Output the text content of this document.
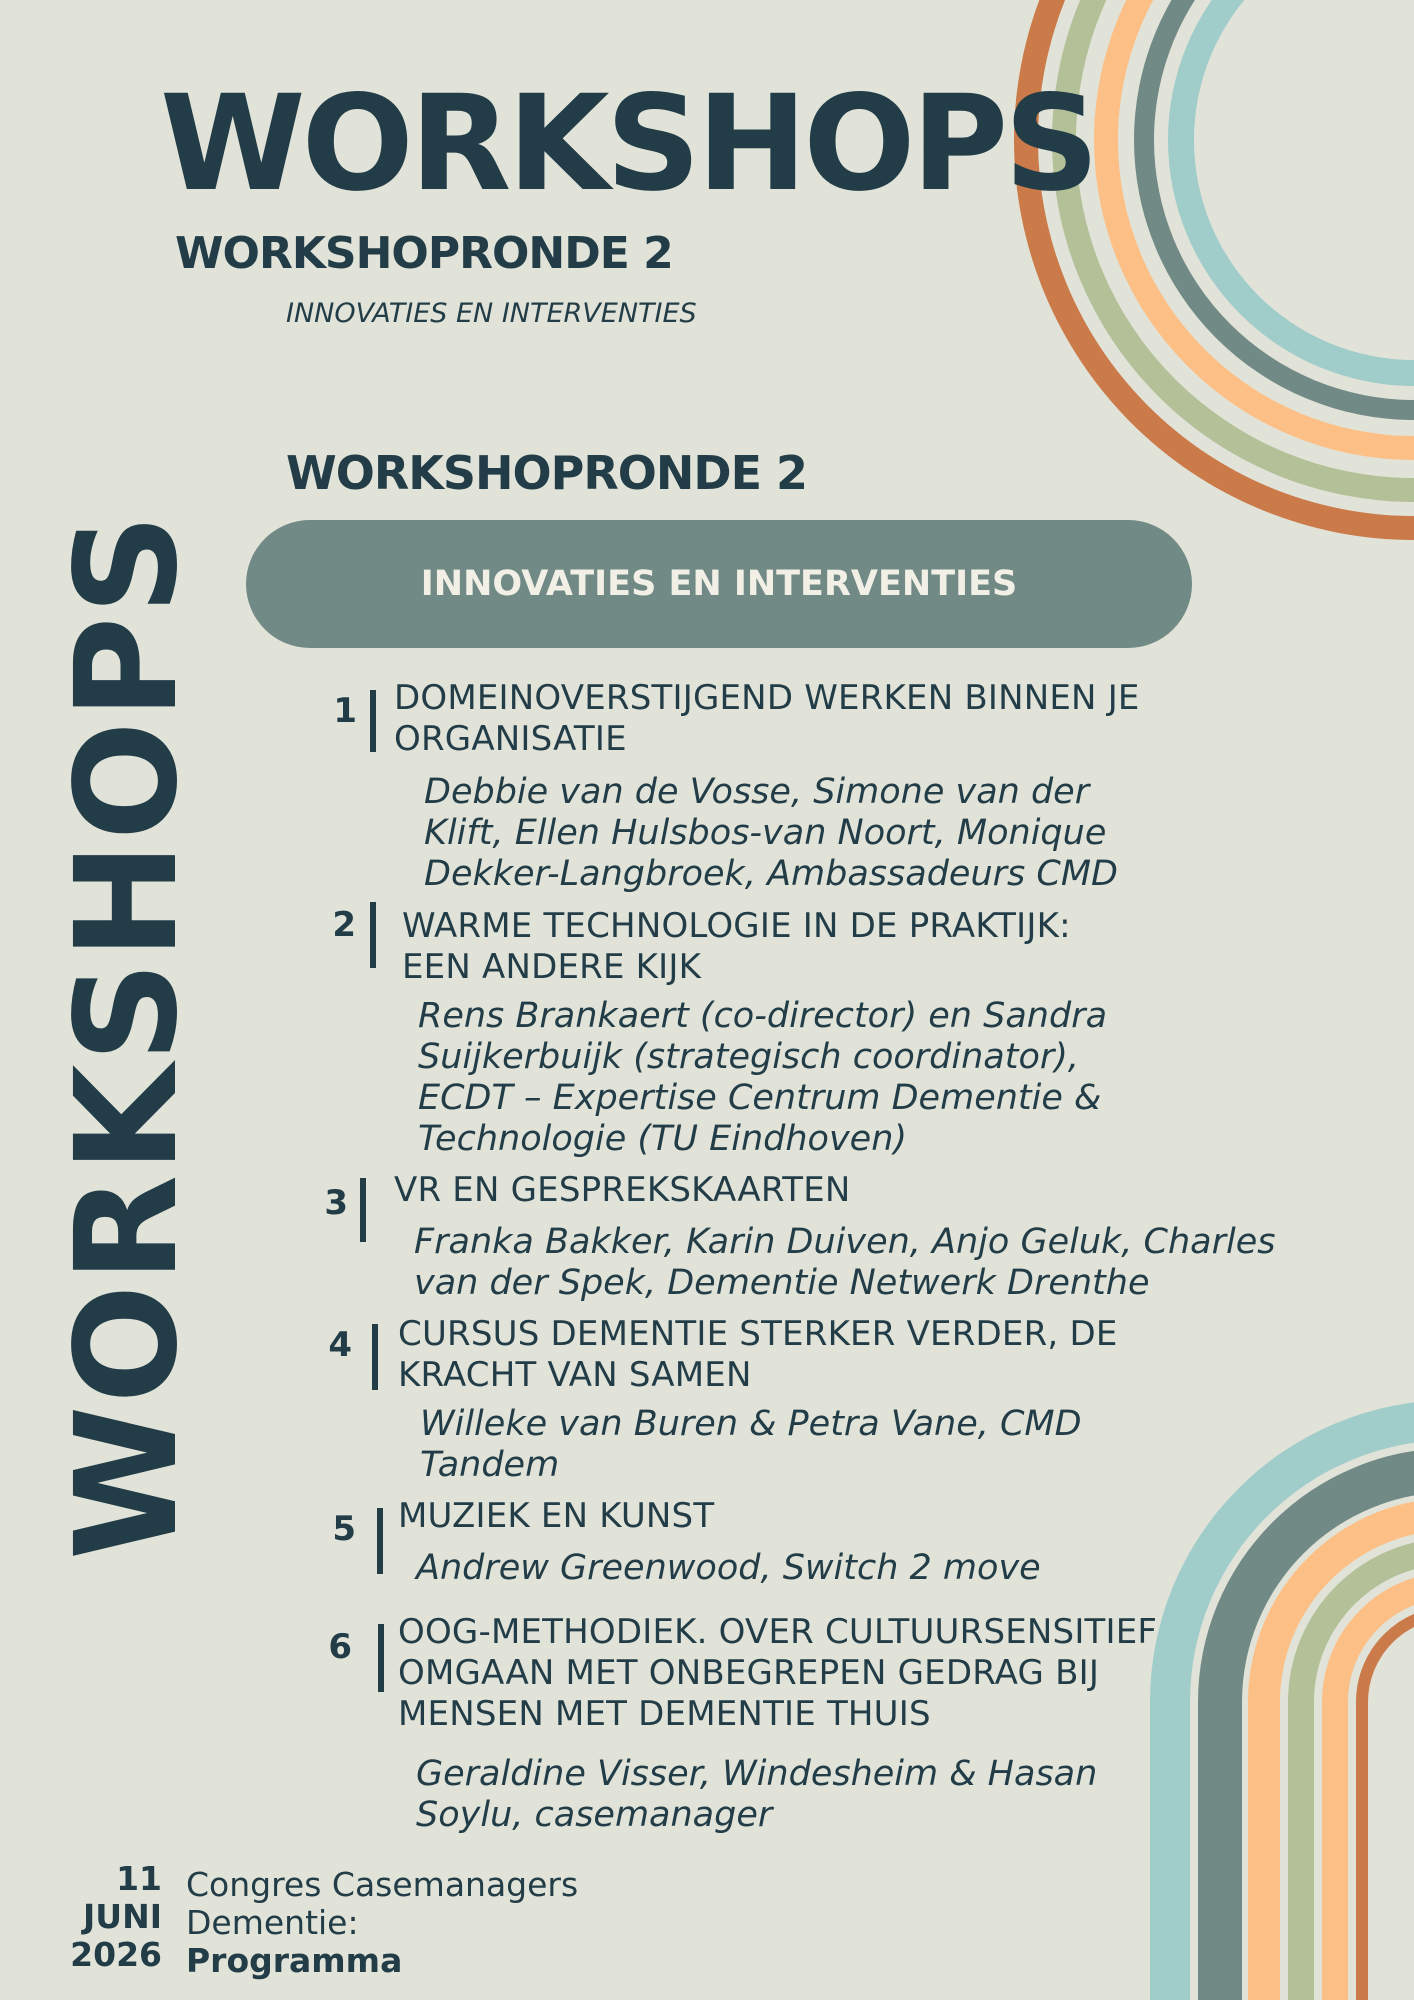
WORKSHOPS
WORKSHOPRONDE 2
INNOVATIES EN INTERVENTIES
WORKSHOPS
WORKSHOPRONDE 2
INNOVATIES EN INTERVENTIES
1 DOMEINOVERSTIJGEND WERKEN BINNEN JE
ORGANISATIE
Debbie van de Vosse, Simone van der
Klift, Ellen Hulsbos-van Noort, Monique
Dekker-Langbroek, Ambassadeurs CMD
2 WARME TECHNOLOGIE IN DE PRAKTIJK:
EEN ANDERE KIJK
Rens Brankaert (co-director) en Sandra
Suijkerbuijk (strategisch coordinator),
ECDT – Expertise Centrum Dementie &
Technologie (TU Eindhoven)
3 VR EN GESPREKSKAARTEN
Franka Bakker, Karin Duiven, Anjo Geluk, Charles
van der Spek, Dementie Netwerk Drenthe
4 CURSUS DEMENTIE STERKER VERDER, DE
KRACHT VAN SAMEN
Willeke van Buren & Petra Vane, CMD
Tandem
5 MUZIEK EN KUNST
Andrew Greenwood, Switch 2 move
6 OOG-METHODIEK. OVER CULTUURSENSITIEF
OMGAAN MET ONBEGREPEN GEDRAG BIJ
MENSEN MET DEMENTIE THUIS
Geraldine Visser, Windesheim & Hasan
Soylu, casemanager
11
JUNI
2026
Congres Casemanagers
Dementie:
Programma
